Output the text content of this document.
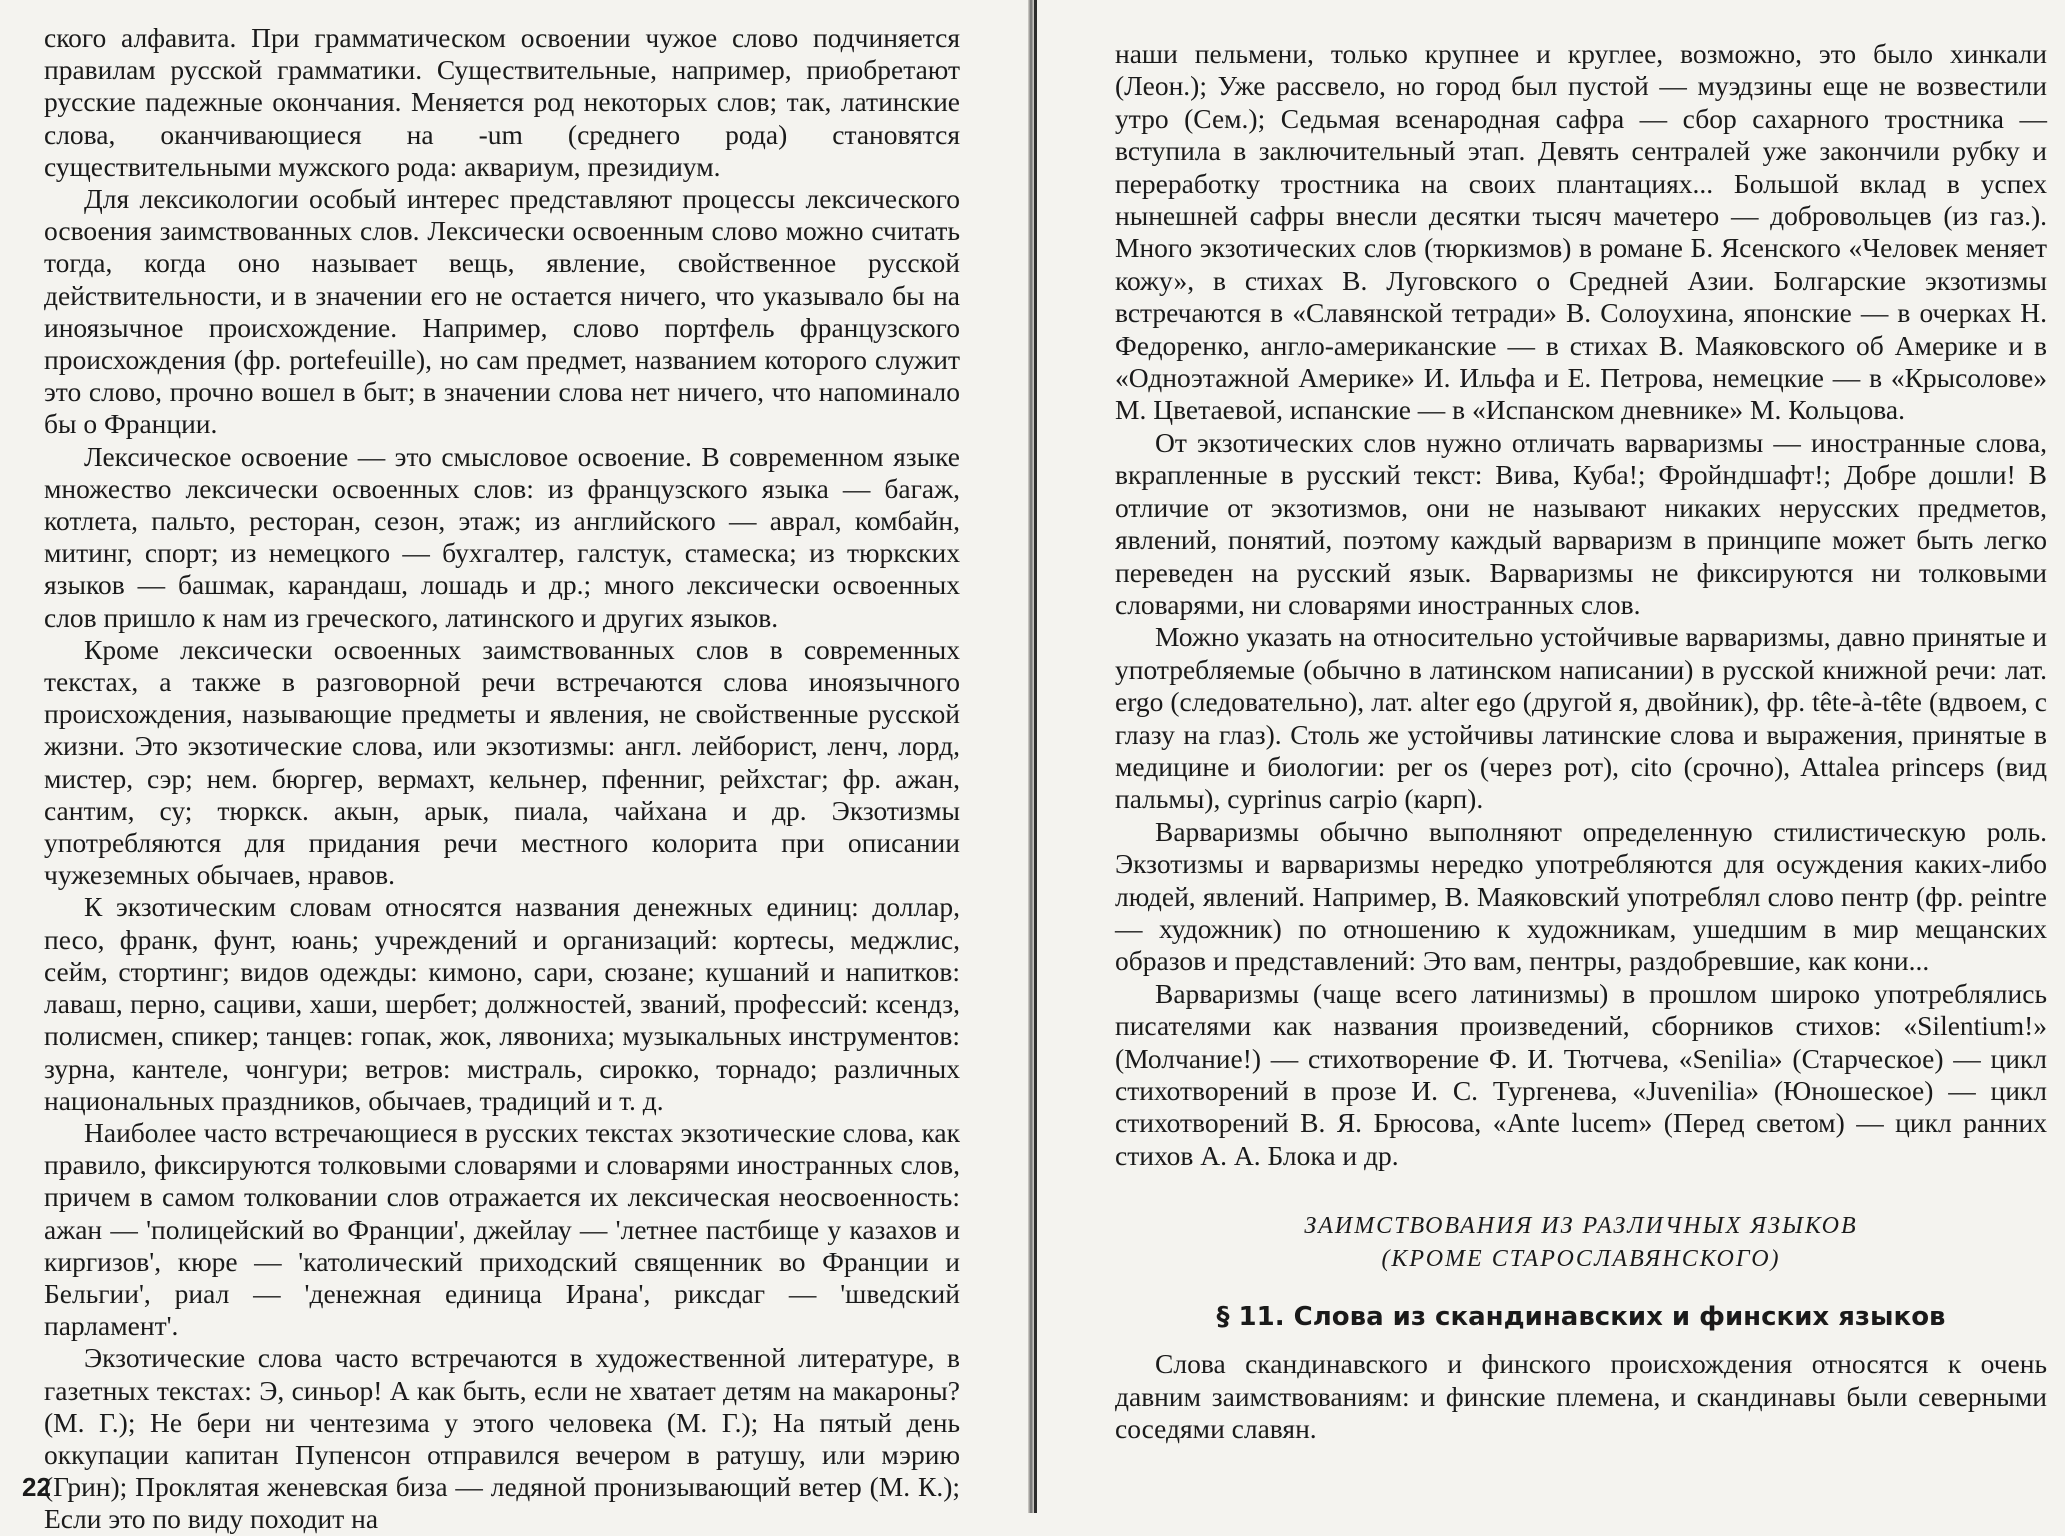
ского алфавита. При грамматическом освоении чужое слово подчиняется правилам русской грамматики. Существительные, например, приобретают русские падежные окончания. Меняется род некоторых слов; так, латинские слова, оканчивающиеся на -um (среднего рода) становятся существительными мужского рода: аквариум, президиум.

Для лексикологии особый интерес представляют процессы лексического освоения заимствованных слов. Лексически освоенным слово можно считать тогда, когда оно называет вещь, явление, свойственное русской действительности, и в значении его не остается ничего, что указывало бы на иноязычное происхождение. Например, слово портфель французского происхождения (фр. portefeuille), но сам предмет, названием которого служит это слово, прочно вошел в быт; в значении слова нет ничего, что напоминало бы о Франции.

Лексическое освоение — это смысловое освоение. В современном языке множество лексически освоенных слов: из французского языка — багаж, котлета, пальто, ресторан, сезон, этаж; из английского — аврал, комбайн, митинг, спорт; из немецкого — бухгалтер, галстук, стамеска; из тюркских языков — башмак, карандаш, лошадь и др.; много лексически освоенных слов пришло к нам из греческого, латинского и других языков.

Кроме лексически освоенных заимствованных слов в современных текстах, а также в разговорной речи встречаются слова иноязычного происхождения, называющие предметы и явления, не свойственные русской жизни. Это экзотические слова, или экзотизмы: англ. лейборист, ленч, лорд, мистер, сэр; нем. бюргер, вермахт, кельнер, пфенниг, рейхстаг; фр. ажан, сантим, су; тюркск. акын, арык, пиала, чайхана и др. Экзотизмы употребляются для придания речи местного колорита при описании чужеземных обычаев, нравов.

К экзотическим словам относятся названия денежных единиц: доллар, песо, франк, фунт, юань; учреждений и организаций: кортесы, меджлис, сейм, стортинг; видов одежды: кимоно, сари, сюзане; кушаний и напитков: лаваш, перно, сациви, хаши, шербет; должностей, званий, профессий: ксендз, полисмен, спикер; танцев: гопак, жок, лявониха; музыкальных инструментов: зурна, кантеле, чонгури; ветров: мистраль, сирокко, торнадо; различных национальных праздников, обычаев, традиций и т. д.

Наиболее часто встречающиеся в русских текстах экзотические слова, как правило, фиксируются толковыми словарями и словарями иностранных слов, причем в самом толковании слов отражается их лексическая неосвоенность: ажан — 'полицейский во Франции', джейлау — 'летнее пастбище у казахов и киргизов', кюре — 'католический приходский священник во Франции и Бельгии', риал — 'денежная единица Ирана', риксдаг — 'шведский парламент'.

Экзотические слова часто встречаются в художественной литературе, в газетных текстах: Э, синьор! А как быть, если не хватает детям на макароны? (М. Г.); Не бери ни чентезима у этого человека (М. Г.); На пятый день оккупации капитан Пупенсон отправился вечером в ратушу, или мэрию (Грин); Проклятая женевская биза — ледяной пронизывающий ветер (М. К.); Если это по виду походит на

22

наши пельмени, только крупнее и круглее, возможно, это было хинкали (Леон.); Уже рассвело, но город был пустой — муэдзины еще не возвестили утро (Сем.); Седьмая всенародная сафра — сбор сахарного тростника — вступила в заключительный этап. Девять сентралей уже закончили рубку и переработку тростника на своих плантациях... Большой вклад в успех нынешней сафры внесли десятки тысяч мачетеро — добровольцев (из газ.). Много экзотических слов (тюркизмов) в романе Б. Ясенского «Человек меняет кожу», в стихах В. Луговского о Средней Азии. Болгарские экзотизмы встречаются в «Славянской тетради» В. Солоухина, японские — в очерках Н. Федоренко, англо-американские — в стихах В. Маяковского об Америке и в «Одноэтажной Америке» И. Ильфа и Е. Петрова, немецкие — в «Крысолове» М. Цветаевой, испанские — в «Испанском дневнике» М. Кольцова.

От экзотических слов нужно отличать варваризмы — иностранные слова, вкрапленные в русский текст: Вива, Куба!; Фройндшафт!; Добре дошли! В отличие от экзотизмов, они не называют никаких нерусских предметов, явлений, понятий, поэтому каждый варваризм в принципе может быть легко переведен на русский язык. Варваризмы не фиксируются ни толковыми словарями, ни словарями иностранных слов.

Можно указать на относительно устойчивые варваризмы, давно принятые и употребляемые (обычно в латинском написании) в русской книжной речи: лат. ergo (следовательно), лат. alter ego (другой я, двойник), фр. tête-à-tête (вдвоем, с глазу на глаз). Столь же устойчивы латинские слова и выражения, принятые в медицине и биологии: per os (через рот), cito (срочно), Attalea princeps (вид пальмы), cyprinus carpio (карп).

Варваризмы обычно выполняют определенную стилистическую роль. Экзотизмы и варваризмы нередко употребляются для осуждения каких-либо людей, явлений. Например, В. Маяковский употреблял слово пентр (фр. peintre — художник) по отношению к художникам, ушедшим в мир мещанских образов и представлений: Это вам, пентры, раздобревшие, как кони...

Варваризмы (чаще всего латинизмы) в прошлом широко употреблялись писателями как названия произведений, сборников стихов: «Silentium!» (Молчание!) — стихотворение Ф. И. Тютчева, «Senilia» (Старческое) — цикл стихотворений в прозе И. С. Тургенева, «Juvenilia» (Юношеское) — цикл стихотворений В. Я. Брюсова, «Ante lucem» (Перед светом) — цикл ранних стихов А. А. Блока и др.

ЗАИМСТВОВАНИЯ ИЗ РАЗЛИЧНЫХ ЯЗЫКОВ
(КРОМЕ СТАРОСЛАВЯНСКОГО)
§ 11. Слова из скандинавских и финских языков

Слова скандинавского и финского происхождения относятся к очень давним заимствованиям: и финские племена, и скандинавы были северными соседями славян.
